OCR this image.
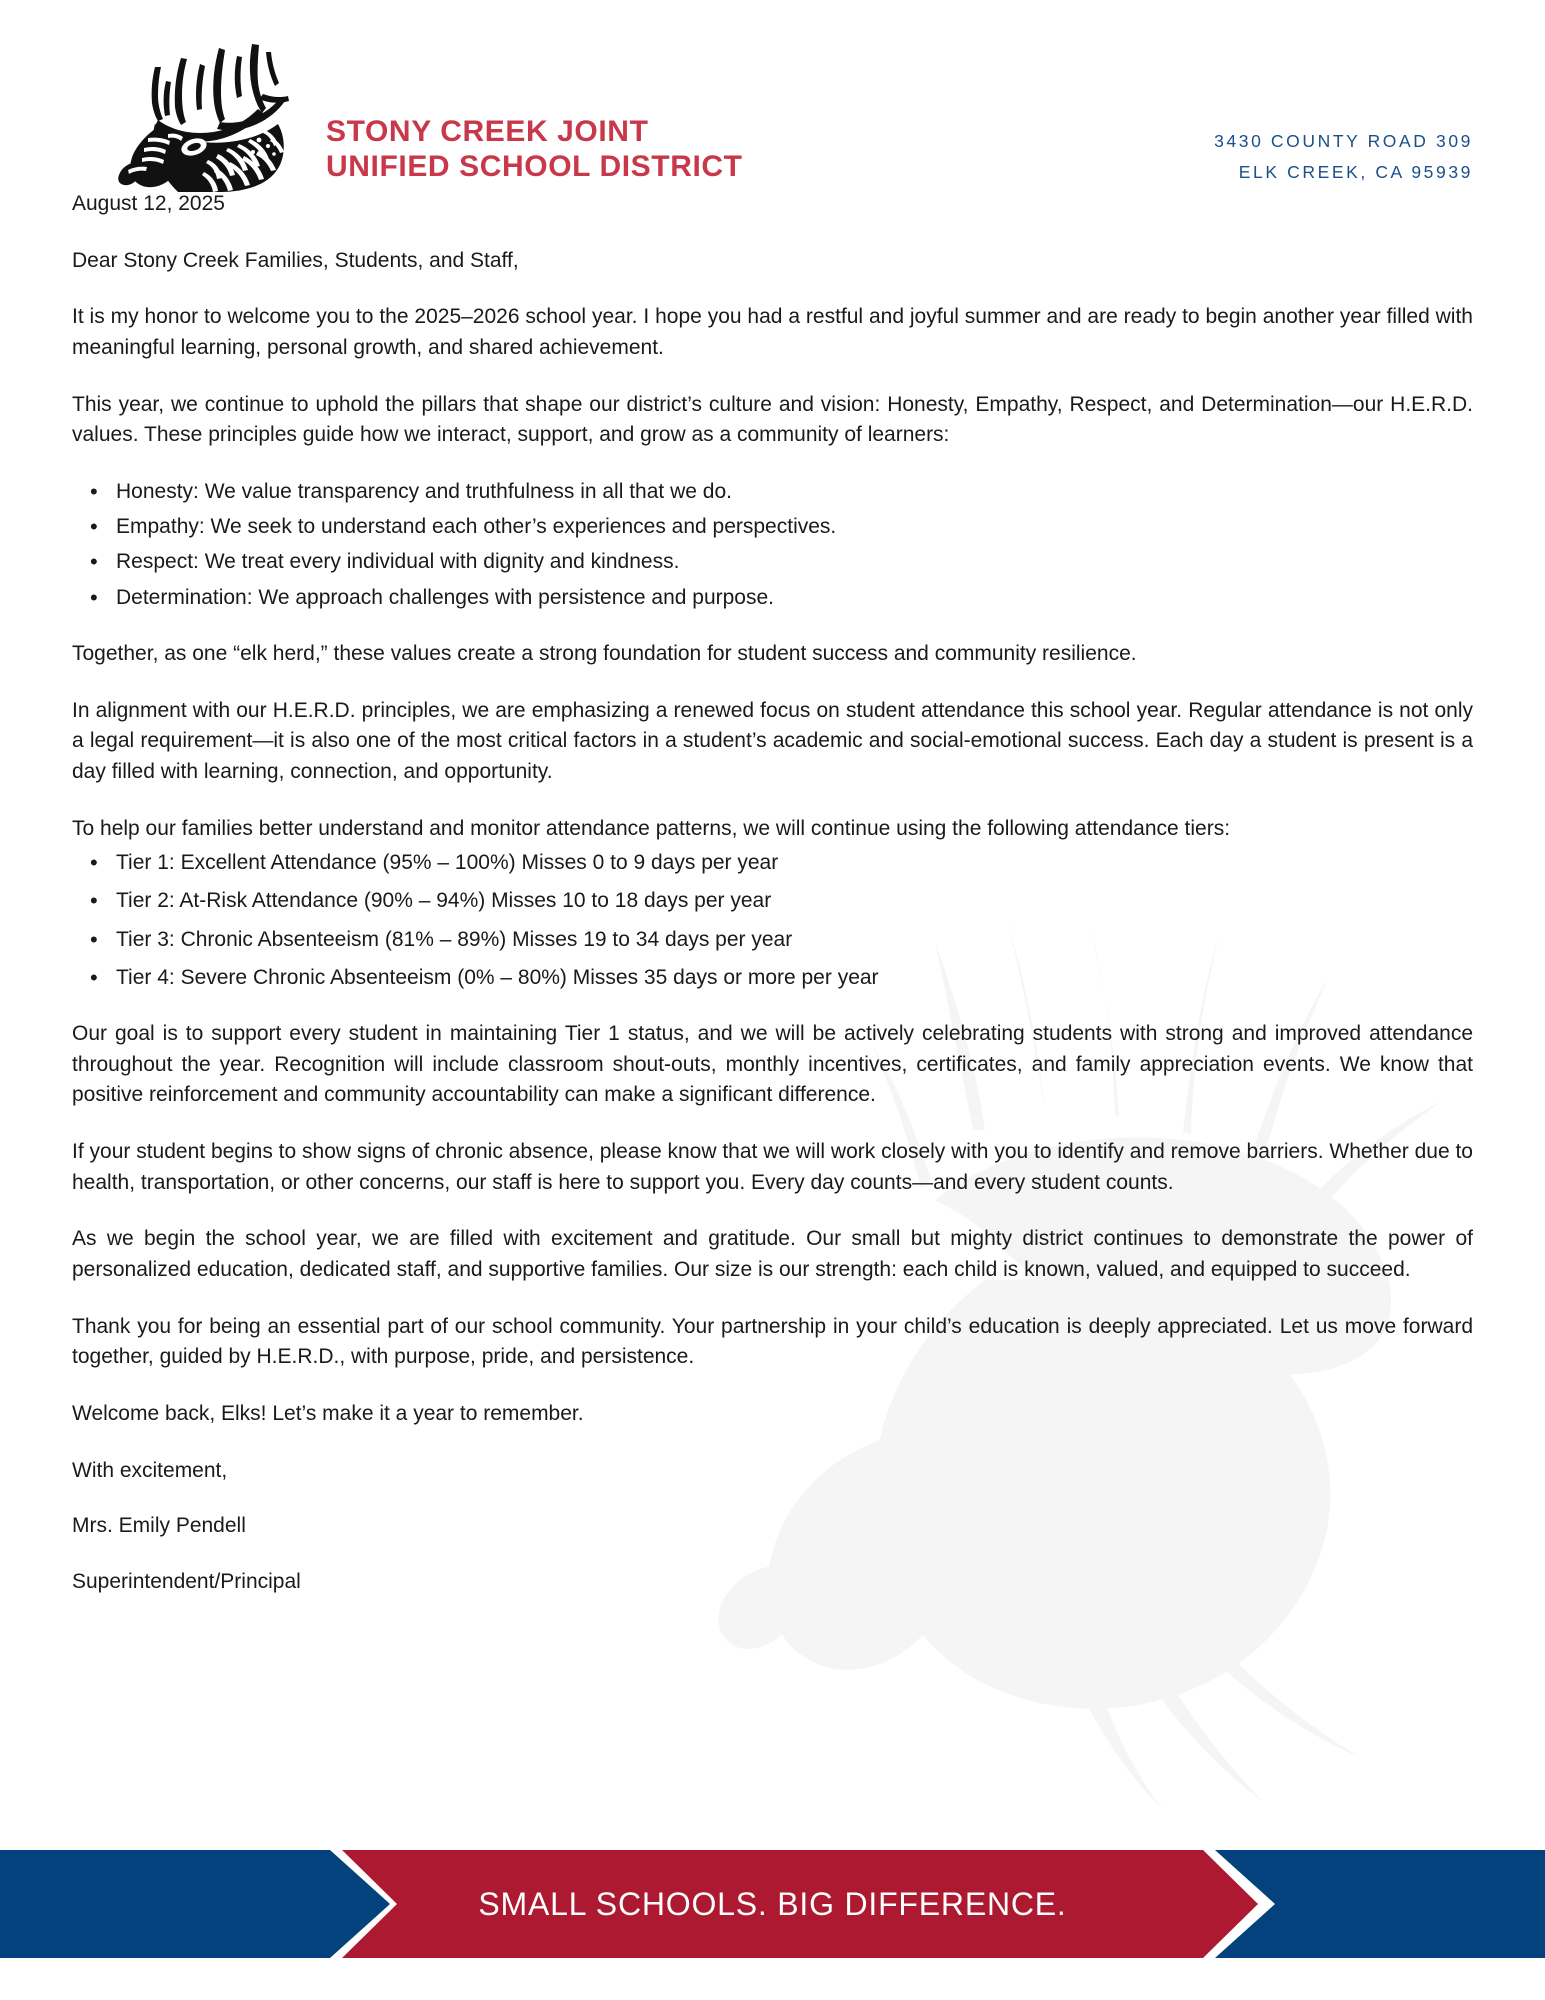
STONY CREEK JOINT
UNIFIED SCHOOL DISTRICT
3430 COUNTY ROAD 309
ELK CREEK, CA 95939

August 12, 2025

Dear Stony Creek Families, Students, and Staff,

It is my honor to welcome you to the 2025–2026 school year. I hope you had a restful and joyful summer and are ready to begin another year filled with meaningful learning, personal growth, and shared achievement.

This year, we continue to uphold the pillars that shape our district’s culture and vision: Honesty, Empathy, Respect, and Determination—our H.E.R.D. values. These principles guide how we interact, support, and grow as a community of learners:

• Honesty: We value transparency and truthfulness in all that we do.
• Empathy: We seek to understand each other’s experiences and perspectives.
• Respect: We treat every individual with dignity and kindness.
• Determination: We approach challenges with persistence and purpose.

Together, as one “elk herd,” these values create a strong foundation for student success and community resilience.

In alignment with our H.E.R.D. principles, we are emphasizing a renewed focus on student attendance this school year. Regular attendance is not only a legal requirement—it is also one of the most critical factors in a student’s academic and social-emotional success. Each day a student is present is a day filled with learning, connection, and opportunity.

To help our families better understand and monitor attendance patterns, we will continue using the following attendance tiers:

• Tier 1: Excellent Attendance (95% – 100%) Misses 0 to 9 days per year
• Tier 2: At-Risk Attendance (90% – 94%) Misses 10 to 18 days per year
• Tier 3: Chronic Absenteeism (81% – 89%) Misses 19 to 34 days per year
• Tier 4: Severe Chronic Absenteeism (0% – 80%) Misses 35 days or more per year

Our goal is to support every student in maintaining Tier 1 status, and we will be actively celebrating students with strong and improved attendance throughout the year. Recognition will include classroom shout-outs, monthly incentives, certificates, and family appreciation events. We know that positive reinforcement and community accountability can make a significant difference.

If your student begins to show signs of chronic absence, please know that we will work closely with you to identify and remove barriers. Whether due to health, transportation, or other concerns, our staff is here to support you. Every day counts—and every student counts.

As we begin the school year, we are filled with excitement and gratitude. Our small but mighty district continues to demonstrate the power of personalized education, dedicated staff, and supportive families. Our size is our strength: each child is known, valued, and equipped to succeed.

Thank you for being an essential part of our school community. Your partnership in your child’s education is deeply appreciated. Let us move forward together, guided by H.E.R.D., with purpose, pride, and persistence.

Welcome back, Elks! Let’s make it a year to remember.

With excitement,

Mrs. Emily Pendell

Superintendent/Principal

SMALL SCHOOLS. BIG DIFFERENCE.
